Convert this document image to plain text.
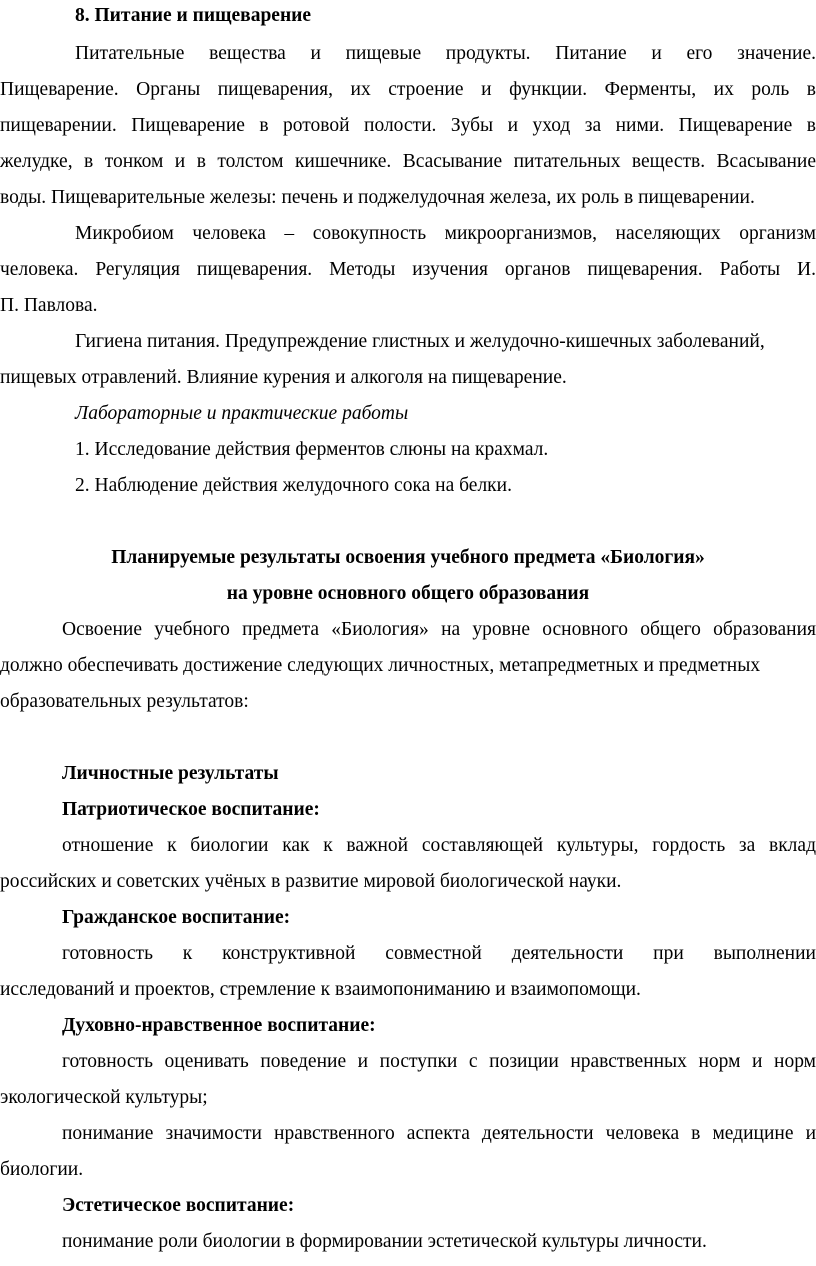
8. Питание и пищеварение
Питательные вещества и пищевые продукты. Питание и его значение.
Пищеварение. Органы пищеварения, их строение и функции. Ферменты, их роль в
пищеварении. Пищеварение в ротовой полости. Зубы и уход за ними. Пищеварение в
желудке, в тонком и в толстом кишечнике. Всасывание питательных веществ. Всасывание
воды. Пищеварительные железы: печень и поджелудочная железа, их роль в пищеварении.
Микробиом человека – совокупность микроорганизмов, населяющих организм
человека. Регуляция пищеварения. Методы изучения органов пищеварения. Работы И.
П. Павлова.
Гигиена питания. Предупреждение глистных и желудочно-кишечных заболеваний,
пищевых отравлений. Влияние курения и алкоголя на пищеварение.
Лабораторные и практические работы
1. Исследование действия ферментов слюны на крахмал.
2. Наблюдение действия желудочного сока на белки.
Планируемые результаты освоения учебного предмета «Биология»
на уровне основного общего образования
Освоение учебного предмета «Биология» на уровне основного общего образования
должно обеспечивать достижение следующих личностных, метапредметных и предметных
образовательных результатов:
Личностные результаты
Патриотическое воспитание:
отношение к биологии как к важной составляющей культуры, гордость за вклад
российских и советских учёных в развитие мировой биологической науки.
Гражданское воспитание:
готовность к конструктивной совместной деятельности при выполнении
исследований и проектов, стремление к взаимопониманию и взаимопомощи.
Духовно-нравственное воспитание:
готовность оценивать поведение и поступки с позиции нравственных норм и норм
экологической культуры;
понимание значимости нравственного аспекта деятельности человека в медицине и
биологии.
Эстетическое воспитание:
понимание роли биологии в формировании эстетической культуры личности.
